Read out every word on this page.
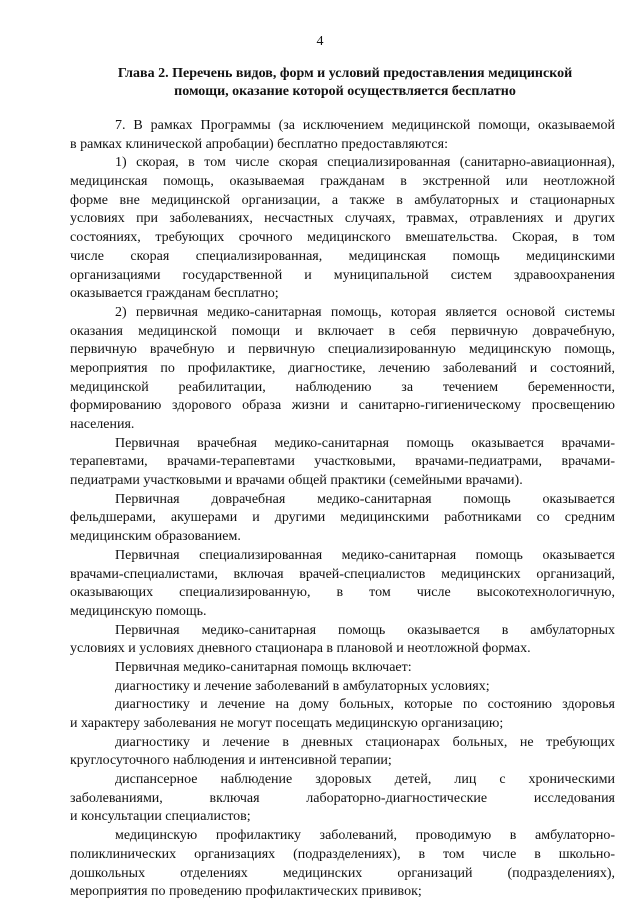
4
Глава 2. Перечень видов, форм и условий предоставления медицинской помощи, оказание которой осуществляется бесплатно
7. В рамках Программы (за исключением медицинской помощи, оказываемой
в рамках клинической апробации) бесплатно предоставляются:
1) скорая, в том числе скорая специализированная (санитарно-авиационная),
медицинская помощь, оказываемая гражданам в экстренной или неотложной
форме вне медицинской организации, а также в амбулаторных и стационарных
условиях при заболеваниях, несчастных случаях, травмах, отравлениях и других
состояниях, требующих срочного медицинского вмешательства. Скорая, в том
числе скорая специализированная, медицинская помощь медицинскими
организациями государственной и муниципальной систем здравоохранения
оказывается гражданам бесплатно;
2) первичная медико-санитарная помощь, которая является основой системы
оказания медицинской помощи и включает в себя первичную доврачебную,
первичную врачебную и первичную специализированную медицинскую помощь,
мероприятия по профилактике, диагностике, лечению заболеваний и состояний,
медицинской реабилитации, наблюдению за течением беременности,
формированию здорового образа жизни и санитарно-гигиеническому просвещению
населения.
Первичная врачебная медико-санитарная помощь оказывается врачами-
терапевтами, врачами-терапевтами участковыми, врачами-педиатрами, врачами-
педиатрами участковыми и врачами общей практики (семейными врачами).
Первичная доврачебная медико-санитарная помощь оказывается
фельдшерами, акушерами и другими медицинскими работниками со средним
медицинским образованием.
Первичная специализированная медико-санитарная помощь оказывается
врачами-специалистами, включая врачей-специалистов медицинских организаций,
оказывающих специализированную, в том числе высокотехнологичную,
медицинскую помощь.
Первичная медико-санитарная помощь оказывается в амбулаторных
условиях и условиях дневного стационара в плановой и неотложной формах.
Первичная медико-санитарная помощь включает:
диагностику и лечение заболеваний в амбулаторных условиях;
диагностику и лечение на дому больных, которые по состоянию здоровья
и характеру заболевания не могут посещать медицинскую организацию;
диагностику и лечение в дневных стационарах больных, не требующих
круглосуточного наблюдения и интенсивной терапии;
диспансерное наблюдение здоровых детей, лиц с хроническими
заболеваниями, включая лабораторно-диагностические исследования
и консультации специалистов;
медицинскую профилактику заболеваний, проводимую в амбулаторно-
поликлинических организациях (подразделениях), в том числе в школьно-
дошкольных отделениях медицинских организаций (подразделениях),
мероприятия по проведению профилактических прививок;
